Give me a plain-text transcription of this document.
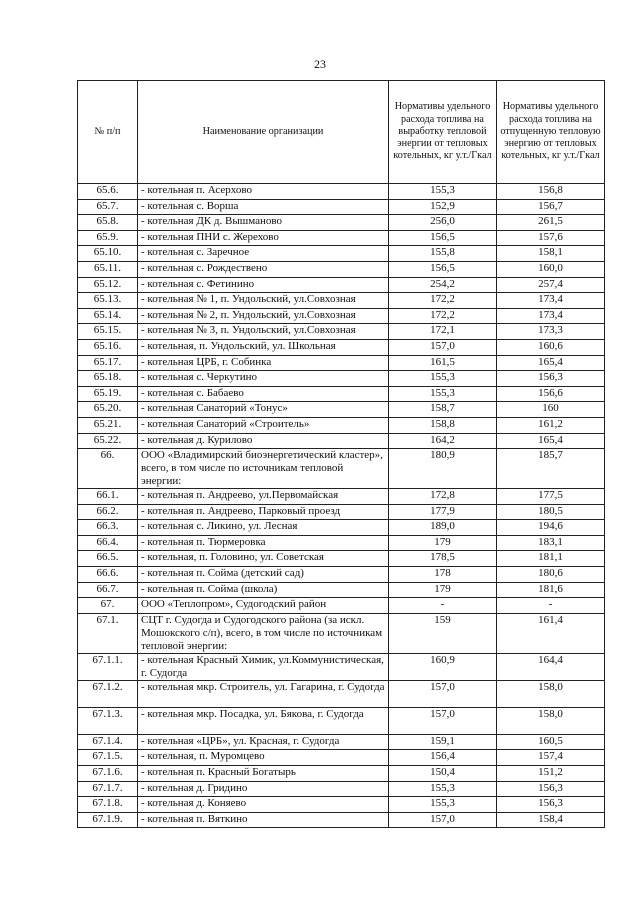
23
№ п/п	Наименование организации	Нормативы удельного расхода топлива на выработку тепловой энергии от тепловых котельных, кг у.т./Гкал	Нормативы удельного расхода топлива на отпущенную тепловую энергию от тепловых котельных, кг у.т./Гкал
65.6.	- котельная п. Асерхово	155,3	156,8
65.7.	- котельная с. Ворша	152,9	156,7
65.8.	- котельная ДК д. Вышманово	256,0	261,5
65.9.	- котельная ПНИ с. Жерехово	156,5	157,6
65.10.	- котельная с. Заречное	155,8	158,1
65.11.	- котельная с. Рождествено	156,5	160,0
65.12.	- котельная с. Фетинино	254,2	257,4
65.13.	- котельная № 1, п. Ундольский, ул.Совхозная	172,2	173,4
65.14.	- котельная № 2, п. Ундольский, ул.Совхозная	172,2	173,4
65.15.	- котельная № 3, п. Ундольский, ул.Совхозная	172,1	173,3
65.16.	- котельная, п. Ундольский, ул. Школьная	157,0	160,6
65.17.	- котельная ЦРБ, г. Собинка	161,5	165,4
65.18.	- котельная с. Черкутино	155,3	156,3
65.19.	- котельная с. Бабаево	155,3	156,6
65.20.	- котельная Санаторий «Тонус»	158,7	160
65.21.	- котельная Санаторий «Строитель»	158,8	161,2
65.22.	- котельная д. Курилово	164,2	165,4
66.	ООО «Владимирский биоэнергетический кластер», всего, в том числе по источникам тепловой энергии:	180,9	185,7
66.1.	- котельная п. Андреево, ул.Первомайская	172,8	177,5
66.2.	- котельная п. Андреево, Парковый проезд	177,9	180,5
66.3.	- котельная с. Ликино, ул. Лесная	189,0	194,6
66.4.	- котельная п. Тюрмеровка	179	183,1
66.5.	- котельная, п. Головино, ул. Советская	178,5	181,1
66.6.	- котельная п. Сойма (детский сад)	178	180,6
66.7.	- котельная п. Сойма (школа)	179	181,6
67.	ООО «Теплопром», Судогодский район	-	-
67.1.	СЦТ г. Судогда и Судогодского района (за искл. Мошокского с/п), всего, в том числе по источникам тепловой энергии:	159	161,4
67.1.1.	- котельная Красный Химик, ул.Коммунистическая, г. Судогда	160,9	164,4
67.1.2.	- котельная мкр. Строитель, ул. Гагарина, г. Судогда	157,0	158,0
67.1.3.	- котельная мкр. Посадка, ул. Бякова, г. Судогда	157,0	158,0
67.1.4.	- котельная «ЦРБ», ул. Красная, г. Судогда	159,1	160,5
67.1.5.	- котельная, п. Муромцево	156,4	157,4
67.1.6.	- котельная п. Красный Богатырь	150,4	151,2
67.1.7.	- котельная д. Гридино	155,3	156,3
67.1.8.	- котельная д. Коняево	155,3	156,3
67.1.9.	- котельная п. Вяткино	157,0	158,4
